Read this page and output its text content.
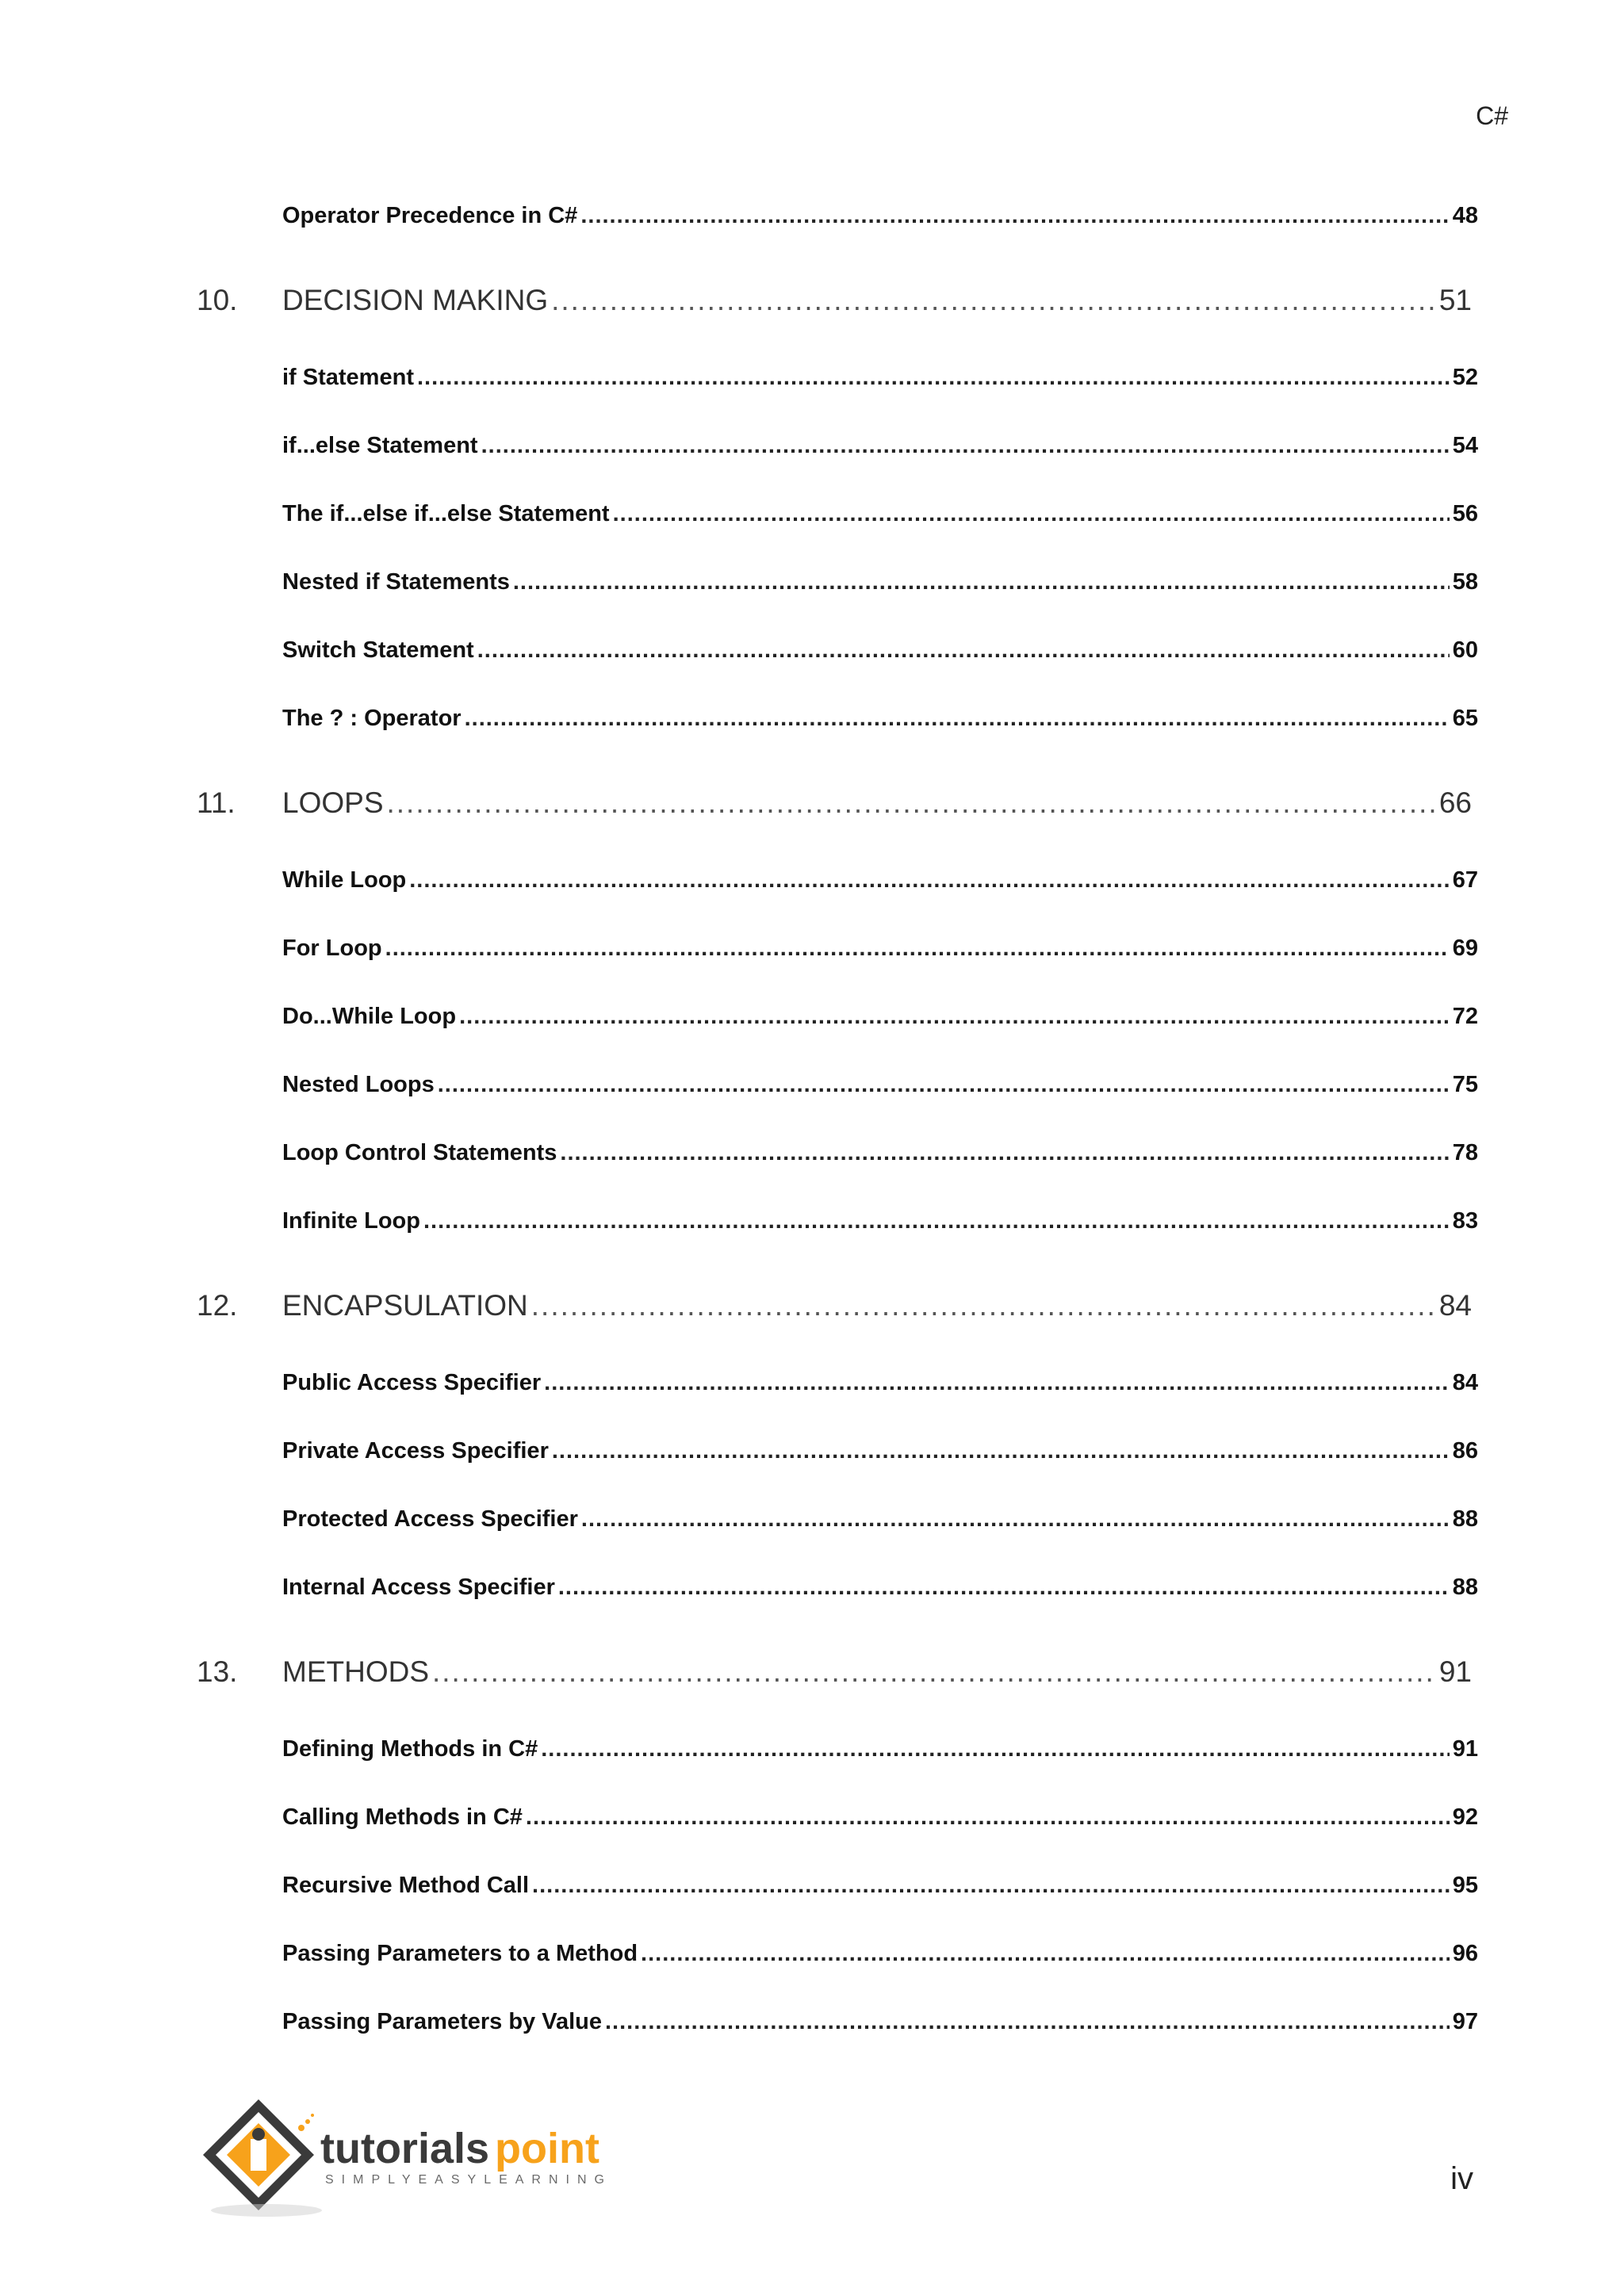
C#
Operator Precedence in C# .....	48
10. DECISION MAKING .....	51
if Statement .....	52
if...else Statement .....	54
The if...else if...else Statement .....	56
Nested if Statements .....	58
Switch Statement .....	60
The ? : Operator .....	65
11. LOOPS .....	66
While Loop .....	67
For Loop .....	69
Do...While Loop .....	72
Nested Loops .....	75
Loop Control Statements .....	78
Infinite Loop .....	83
12. ENCAPSULATION .....	84
Public Access Specifier .....	84
Private Access Specifier .....	86
Protected Access Specifier .....	88
Internal Access Specifier .....	88
13. METHODS .....	91
Defining Methods in C# .....	91
Calling Methods in C# .....	92
Recursive Method Call .....	95
Passing Parameters to a Method .....	96
Passing Parameters by Value .....	97
tutorials point
SIMPLYEASYLEARNING	iv
